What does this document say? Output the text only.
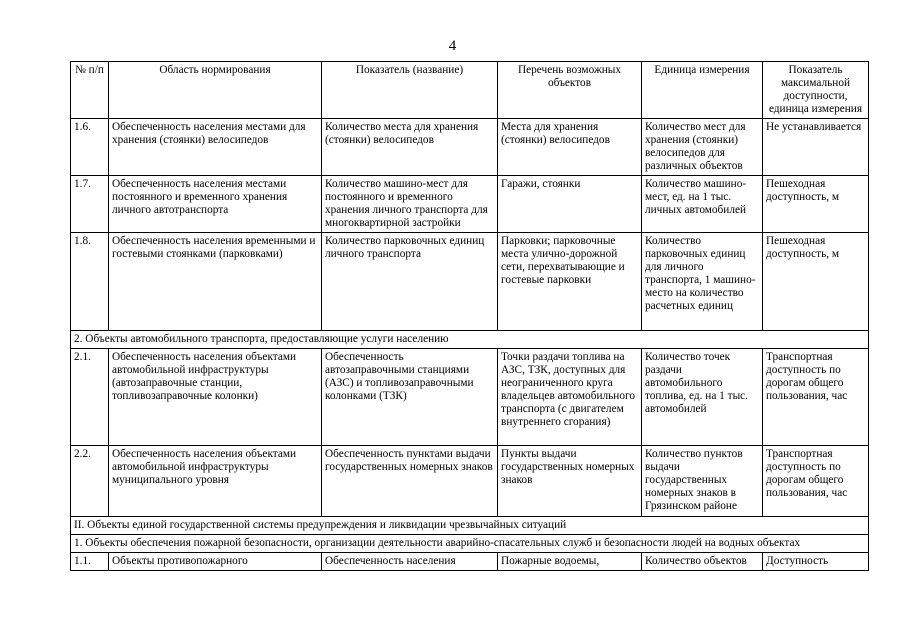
4
№ п/п	Область нормирования	Показатель (название)	Перечень возможных объектов	Единица измерения	Показатель максимальной доступности, единица измерения
1.6.	Обеспеченность населения местами для хранения (стоянки) велосипедов	Количество места для хранения (стоянки) велосипедов	Места для хранения (стоянки) велосипедов	Количество мест для хранения (стоянки) велосипедов для различных объектов	Не устанавливается
1.7.	Обеспеченность населения местами постоянного и временного хранения личного автотранспорта	Количество машино-мест для постоянного и временного хранения личного транспорта для многоквартирной застройки	Гаражи, стоянки	Количество машино-мест, ед. на 1 тыс. личных автомобилей	Пешеходная доступность, м
1.8.	Обеспеченность населения временными и гостевыми стоянками (парковками)	Количество парковочных единиц личного транспорта	Парковки; парковочные места улично-дорожной сети, перехватывающие и гостевые парковки	Количество парковочных единиц для личного транспорта, 1 машино-место на количество расчетных единиц	Пешеходная доступность, м
2. Объекты автомобильного транспорта, предоставляющие услуги населению					
2.1.	Обеспеченность населения объектами автомобильной инфраструктуры (автозаправочные станции, топливозаправочные колонки)	Обеспеченность автозаправочными станциями (АЗС) и топливозаправочными колонками (ТЗК)	Точки раздачи топлива на АЗС, ТЗК, доступных для неограниченного круга владельцев автомобильного транспорта (с двигателем внутреннего сгорания)	Количество точек раздачи автомобильного топлива, ед. на 1 тыс. автомобилей	Транспортная доступность по дорогам общего пользования, час
2.2.	Обеспеченность населения объектами автомобильной инфраструктуры муниципального уровня	Обеспеченность пунктами выдачи государственных номерных знаков	Пункты выдачи государственных номерных знаков	Количество пунктов выдачи государственных номерных знаков в Грязинском районе	Транспортная доступность по дорогам общего пользования, час
II. Объекты единой государственной системы предупреждения и ликвидации чрезвычайных ситуаций					
1. Объекты обеспечения пожарной безопасности, организации деятельности аварийно-спасательных служб и безопасности людей на водных объектах					
1.1.	Объекты противопожарного	Обеспеченность населения	Пожарные водоемы,	Количество объектов	Доступность
